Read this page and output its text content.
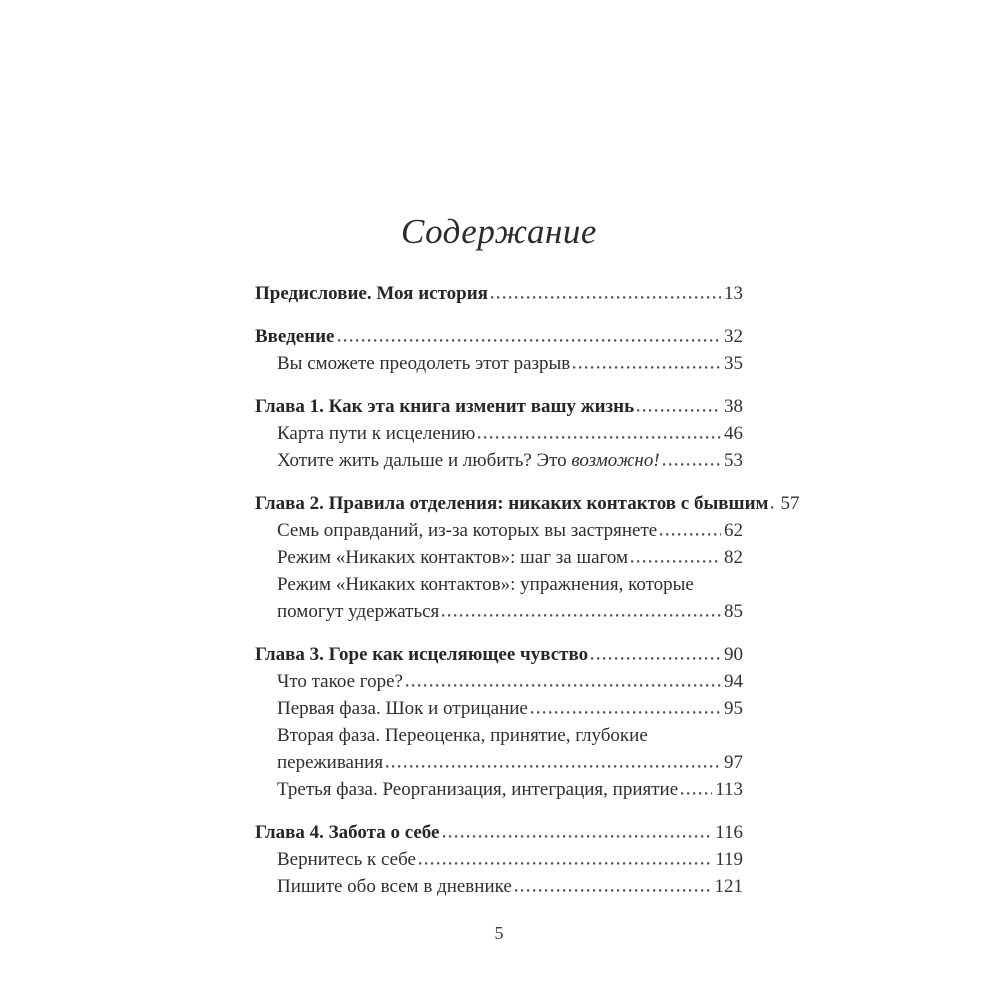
Содержание
Предисловие. Моя история	13
Введение	32
Вы сможете преодолеть этот разрыв	35
Глава 1. Как эта книга изменит вашу жизнь	38
Карта пути к исцелению	46
Хотите жить дальше и любить? Это возможно!	53
Глава 2. Правила отделения: никаких контактов с бывшим 57
Семь оправданий, из-за которых вы застрянете	62
Режим «Никаких контактов»: шаг за шагом	82
Режим «Никаких контактов»: упражнения, которые
помогут удержаться	85
Глава 3. Горе как исцеляющее чувство	90
Что такое горе?	94
Первая фаза. Шок и отрицание	95
Вторая фаза. Переоценка, принятие, глубокие
переживания	97
Третья фаза. Реорганизация, интеграция, приятие 113
Глава 4. Забота о себе	116
Вернитесь к себе	119
Пишите обо всем в дневнике	121
5
